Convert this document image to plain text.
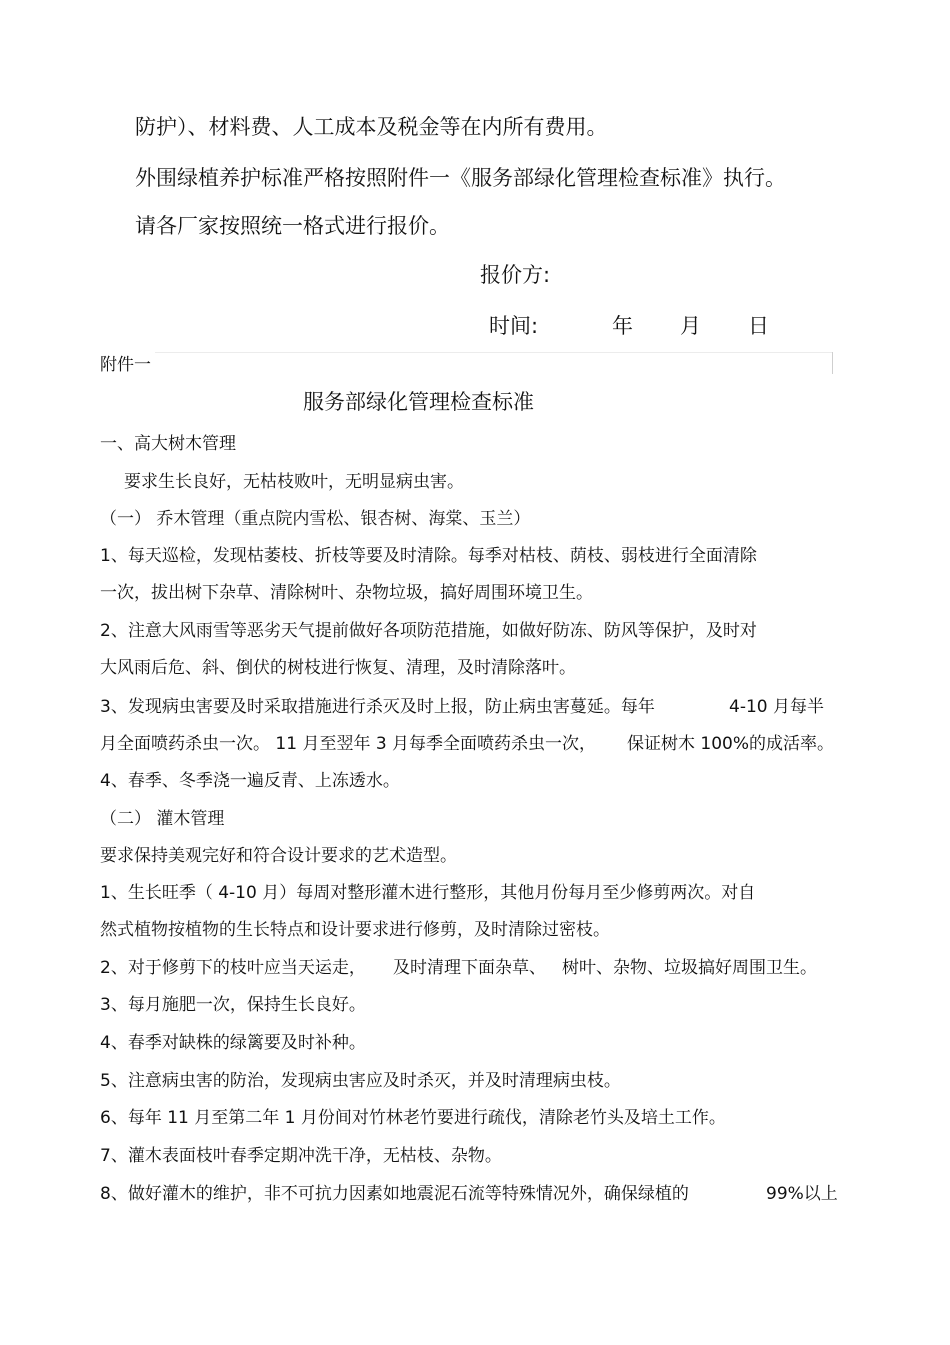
防护）、材料费、人工成本及税金等在内所有费用。
外围绿植养护标准严格按照附件一《服务部绿化管理检查标准》执行。
请各厂家按照统一格式进行报价。
报价方:
时间:	年 月 日
附件一
服务部绿化管理检查标准
一、高大树木管理
要求生长良好，无枯枝败叶，无明显病虫害。
（一） 乔木管理（重点院内雪松、银杏树、海棠、玉兰）
1、每天巡检，发现枯萎枝、折枝等要及时清除。每季对枯枝、荫枝、弱枝进行全面清除
一次，拔出树下杂草、清除树叶、杂物垃圾，搞好周围环境卫生。
2、注意大风雨雪等恶劣天气提前做好各项防范措施，如做好防冻、防风等保护，及时对
大风雨后危、斜、倒伏的树枝进行恢复、清理，及时清除落叶。
3、发现病虫害要及时采取措施进行杀灭及时上报，防止病虫害蔓延。每年	4-10 月每半
月全面喷药杀虫一次。 11 月至翌年 3 月每季全面喷药杀虫一次， 保证树木 100%的成活率。
4、春季、冬季浇一遍反青、上冻透水。
（二） 灌木管理
要求保持美观完好和符合设计要求的艺术造型。
1、生长旺季（ 4-10 月）每周对整形灌木进行整形，其他月份每月至少修剪两次。对自
然式植物按植物的生长特点和设计要求进行修剪，及时清除过密枝。
2、对于修剪下的枝叶应当天运走， 及时清理下面杂草、 树叶、杂物、垃圾搞好周围卫生。
3、每月施肥一次，保持生长良好。
4、春季对缺株的绿篱要及时补种。
5、注意病虫害的防治，发现病虫害应及时杀灭，并及时清理病虫枝。
6、每年 11 月至第二年 1 月份间对竹林老竹要进行疏伐，清除老竹头及培土工作。
7、灌木表面枝叶春季定期冲洗干净，无枯枝、杂物。
8、做好灌木的维护，非不可抗力因素如地震泥石流等特殊情况外，确保绿植的	99%以上
